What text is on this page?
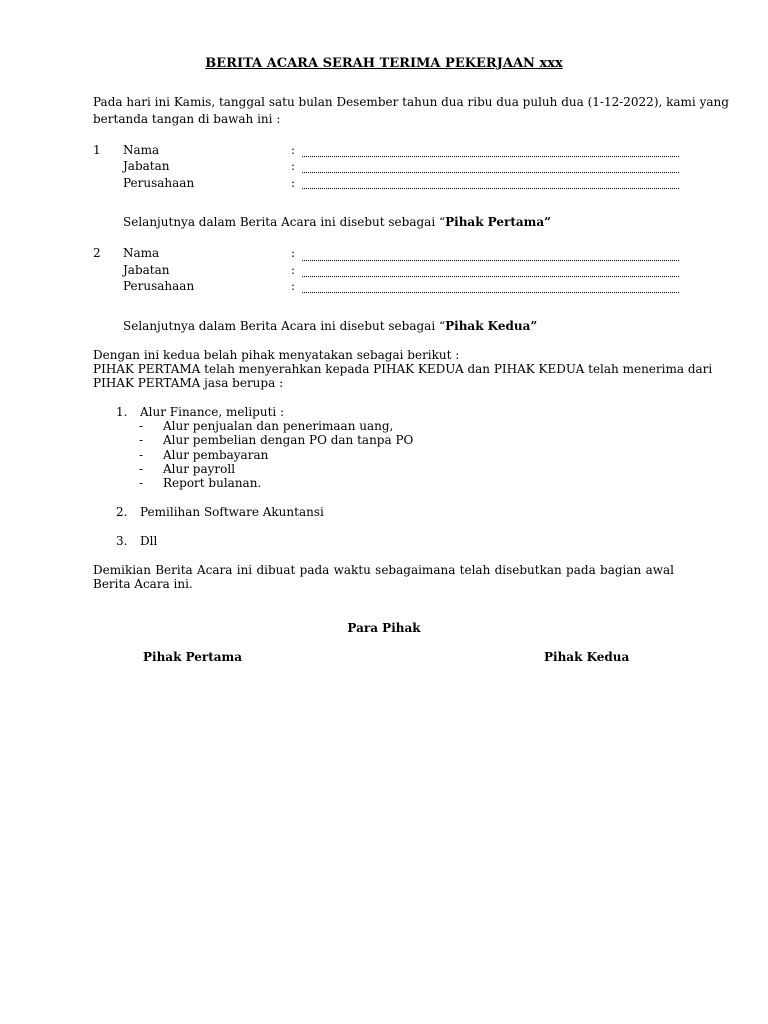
BERITA ACARA SERAH TERIMA PEKERJAAN xxx
Pada hari ini Kamis, tanggal satu bulan Desember tahun dua ribu dua puluh dua (1-12-2022), kami yang
bertanda tangan di bawah ini :
1 Nama	:
Jabatan	:
Perusahaan	:
Selanjutnya dalam Berita Acara ini disebut sebagai “Pihak Pertama”
2 Nama	:
Jabatan	:
Perusahaan	:
Selanjutnya dalam Berita Acara ini disebut sebagai “Pihak Kedua”
Dengan ini kedua belah pihak menyatakan sebagai berikut :
PIHAK PERTAMA telah menyerahkan kepada PIHAK KEDUA dan PIHAK KEDUA telah menerima dari
PIHAK PERTAMA jasa berupa :
1. Alur Finance, meliputi :
- Alur penjualan dan penerimaan uang,
- Alur pembelian dengan PO dan tanpa PO
- Alur pembayaran
- Alur payroll
- Report bulanan.
2. Pemilihan Software Akuntansi
3. Dll
Demikian Berita Acara ini dibuat pada waktu sebagaimana telah disebutkan pada bagian awal Berita Acara ini.
Para Pihak
Pihak Pertama	Pihak Kedua
